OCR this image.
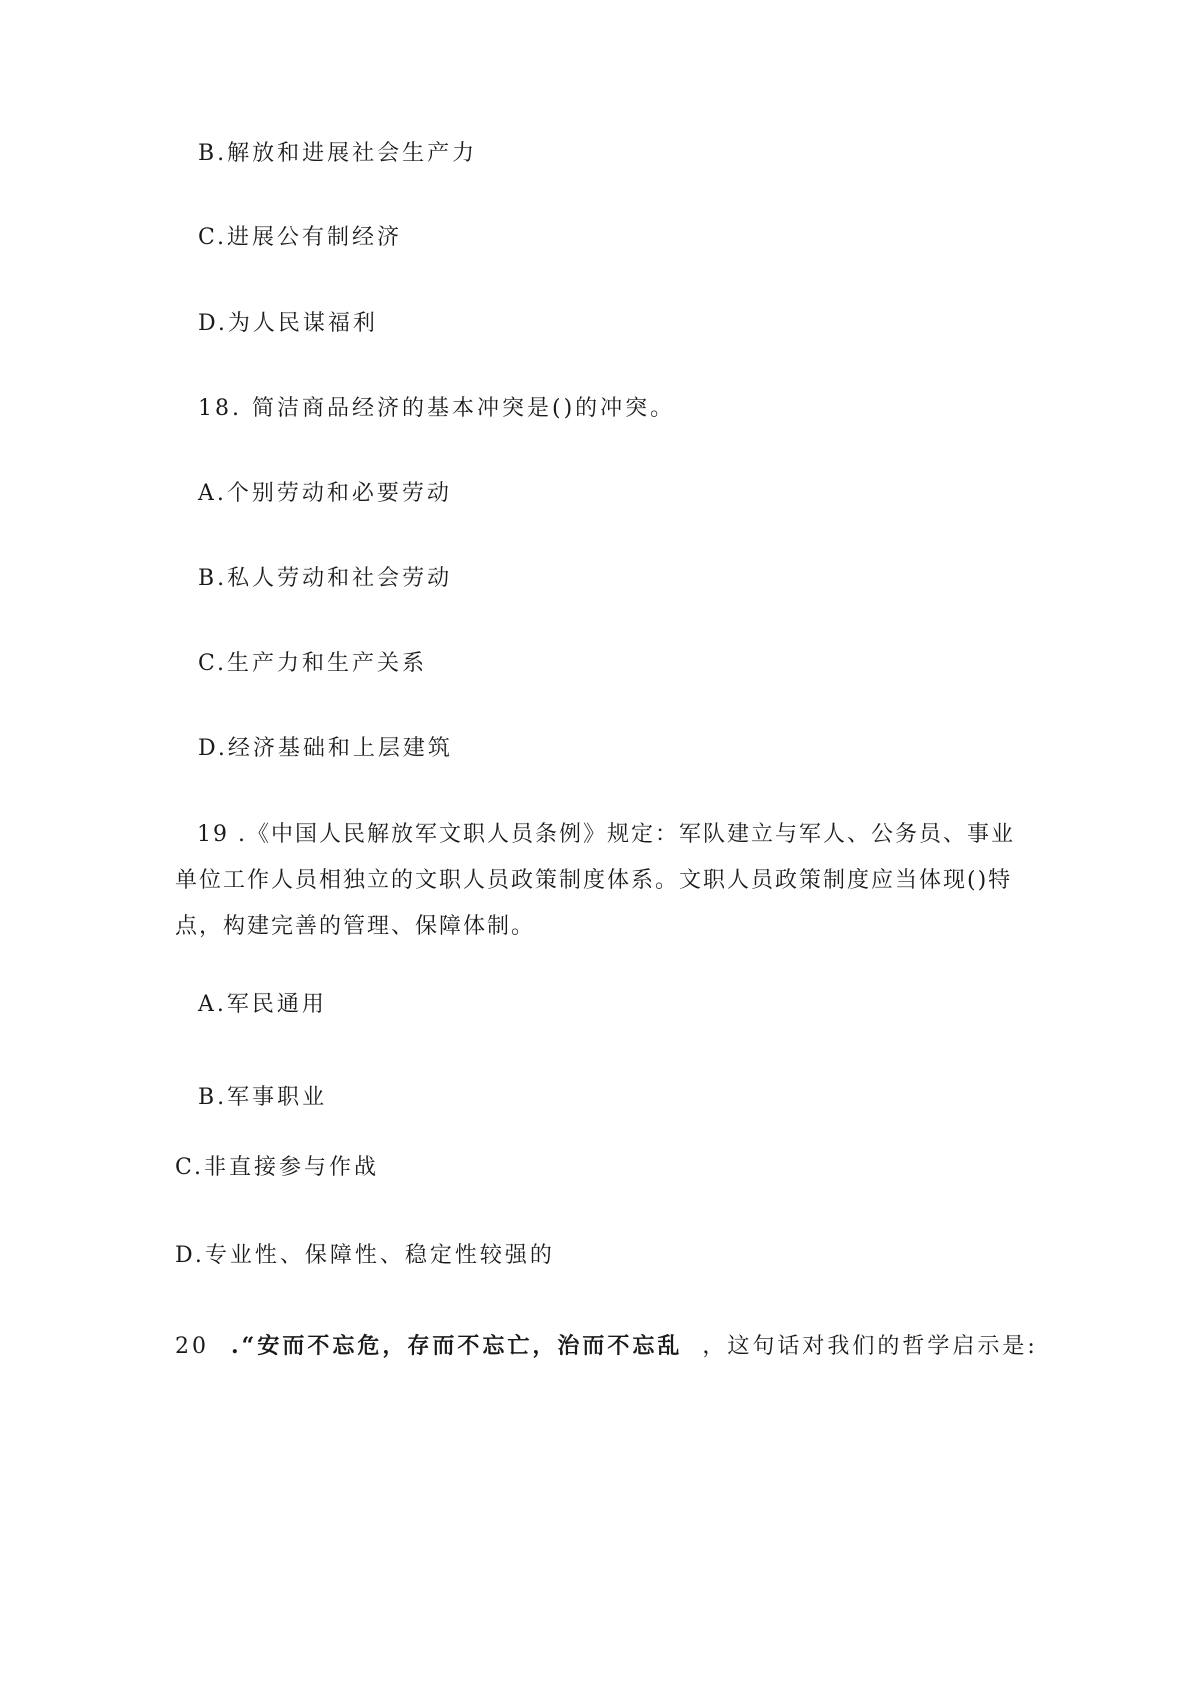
B.解放和进展社会生产力
C.进展公有制经济
D.为人民谋福利
18. 简洁商品经济的基本冲突是()的冲突。
A.个别劳动和必要劳动
B.私人劳动和社会劳动
C.生产力和生产关系
D.经济基础和上层建筑
19 .《中国人民解放军文职人员条例》规定：军队建立与军人、公务员、事业单位工作人员相独立的文职人员政策制度体系。文职人员政策制度应当体现()特点，构建完善的管理、保障体制。
A.军民通用
B.军事职业
C.非直接参与作战
D.专业性、保障性、稳定性较强的
20 .“安而不忘危，存而不忘亡，治而不忘乱 ，这句话对我们的哲学启示是:
